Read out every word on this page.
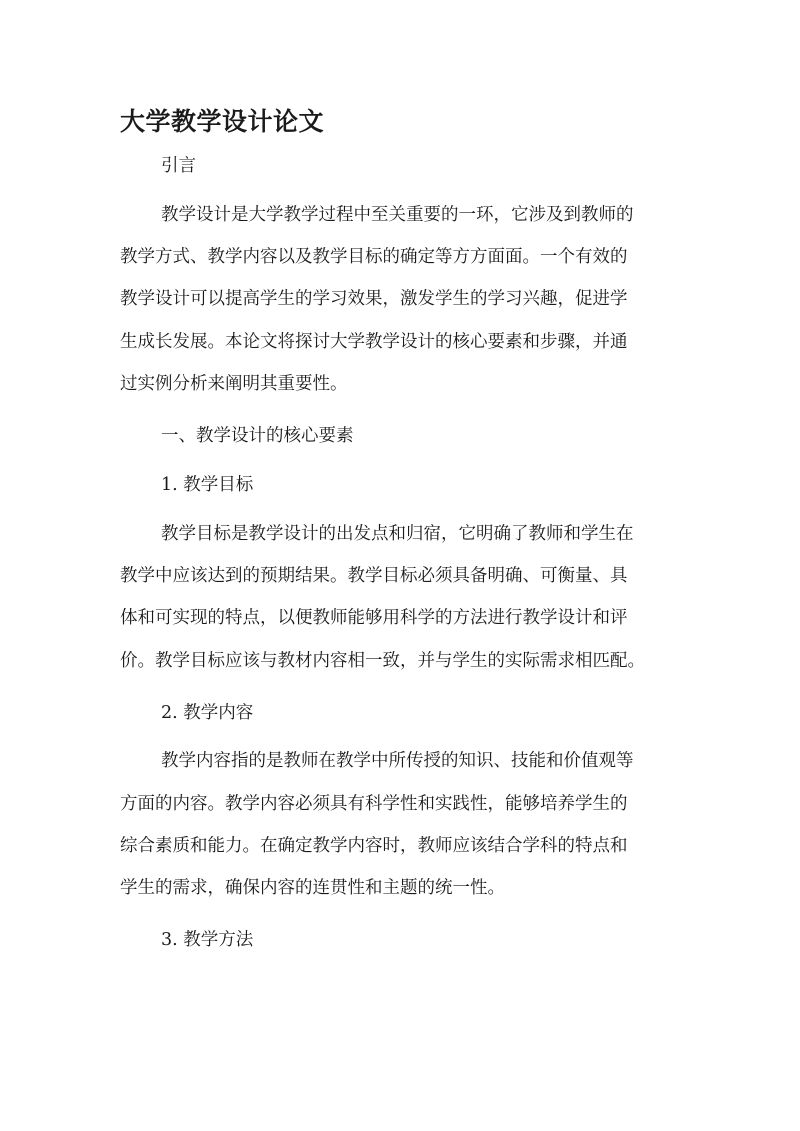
大学教学设计论文

引言

教学设计是大学教学过程中至关重要的一环，它涉及到教师的

教学方式、教学内容以及教学目标的确定等方方面面。一个有效的

教学设计可以提高学生的学习效果，激发学生的学习兴趣，促进学

生成长发展。本论文将探讨大学教学设计的核心要素和步骤，并通

过实例分析来阐明其重要性。

一、教学设计的核心要素

1. 教学目标

教学目标是教学设计的出发点和归宿，它明确了教师和学生在

教学中应该达到的预期结果。教学目标必须具备明确、可衡量、具

体和可实现的特点，以便教师能够用科学的方法进行教学设计和评

价。教学目标应该与教材内容相一致，并与学生的实际需求相匹配。

2. 教学内容

教学内容指的是教师在教学中所传授的知识、技能和价值观等

方面的内容。教学内容必须具有科学性和实践性，能够培养学生的

综合素质和能力。在确定教学内容时，教师应该结合学科的特点和

学生的需求，确保内容的连贯性和主题的统一性。

3. 教学方法
